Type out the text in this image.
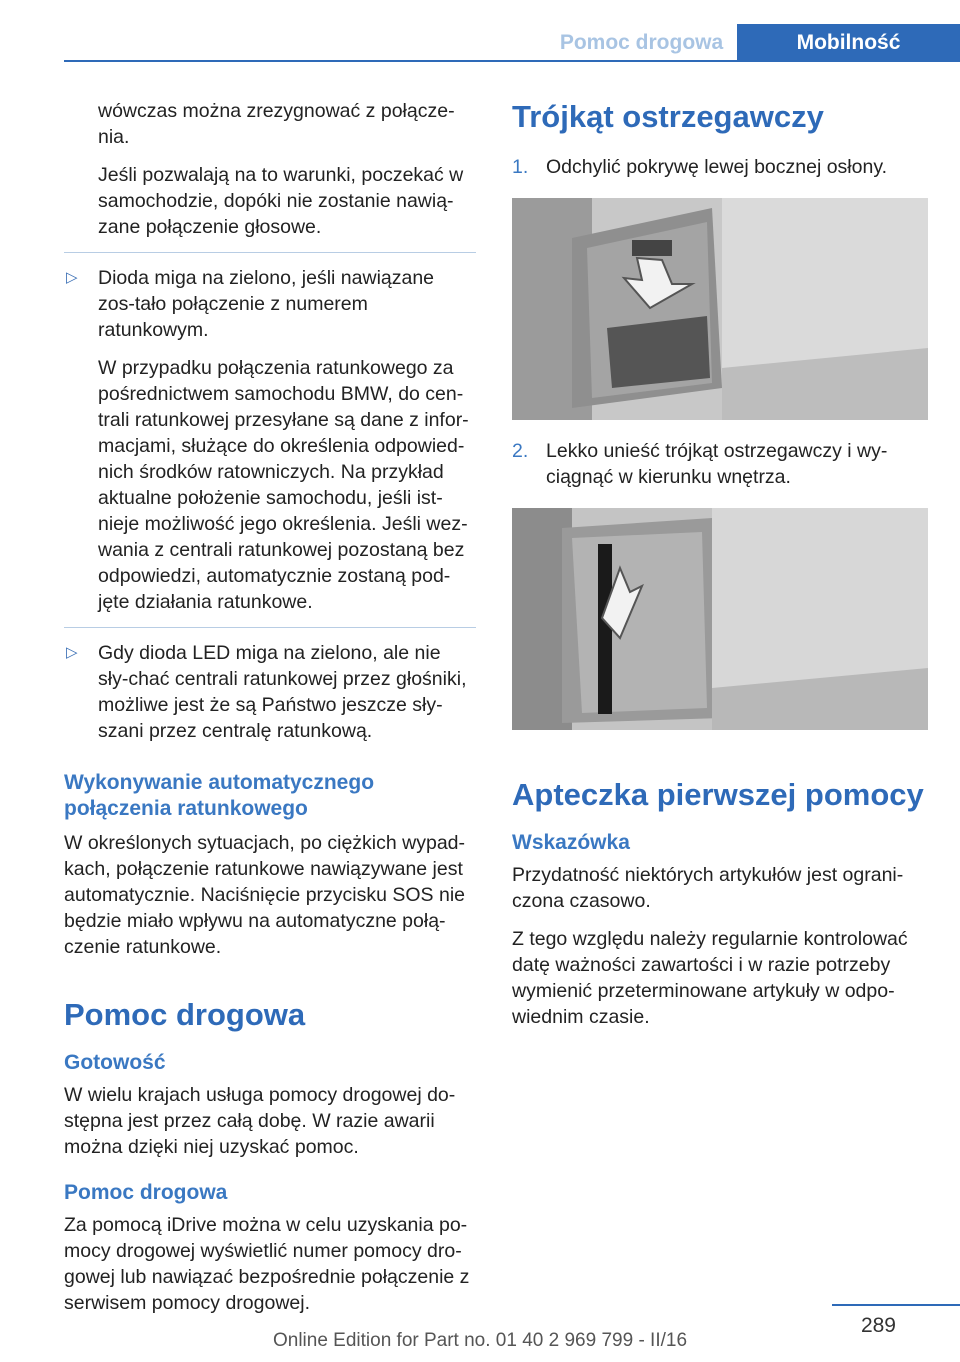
Pomoc drogowa	Mobilność

wówczas można zrezygnować z połącze-nia.

Jeśli pozwalają na to warunki, poczekać w samochodzie, dopóki nie zostanie nawią-zane połączenie głosowe.

▷ Dioda miga na zielono, jeśli nawiązane zos-tało połączenie z numerem ratunkowym.

W przypadku połączenia ratunkowego za pośrednictwem samochodu BMW, do cen-trali ratunkowej przesyłane są dane z infor-macjami, służące do określenia odpowied-nich środków ratowniczych. Na przykład aktualne położenie samochodu, jeśli ist-nieje możliwość jego określenia. Jeśli wez-wania z centrali ratunkowej pozostaną bez odpowiedzi, automatycznie zostaną pod-jęte działania ratunkowe.

▷ Gdy dioda LED miga na zielono, ale nie sły-chać centrali ratunkowej przez głośniki, możliwe jest że są Państwo jeszcze sły-szani przez centralę ratunkową.
Wykonywanie automatycznego połączenia ratunkowego

W określonych sytuacjach, po ciężkich wypad-kach, połączenie ratunkowe nawiązywane jest automatycznie. Naciśnięcie przycisku SOS nie będzie miało wpływu na automatyczne połą-czenie ratunkowe.

Pomoc drogowa
Gotowość

W wielu krajach usługa pomocy drogowej do-stępna jest przez całą dobę. W razie awarii można dzięki niej uzyskać pomoc.

Pomoc drogowa

Za pomocą iDrive można w celu uzyskania po-mocy drogowej wyświetlić numer pomocy dro-gowej lub nawiązać bezpośrednie połączenie z serwisem pomocy drogowej.

Trójkąt ostrzegawczy
1. Odchylić pokrywę lewej bocznej osłony.
2. Lekko unieść trójkąt ostrzegawczy i wy-ciągnąć w kierunku wnętrza.
Apteczka pierwszej pomocy
Wskazówka

Przydatność niektórych artykułów jest ograni-czona czasowo.

Z tego względu należy regularnie kontrolować datę ważności zawartości i w razie potrzeby wymienić przeterminowane artykuły w odpo-wiednim czasie.

289
Online Edition for Part no. 01 40 2 969 799 - II/16
